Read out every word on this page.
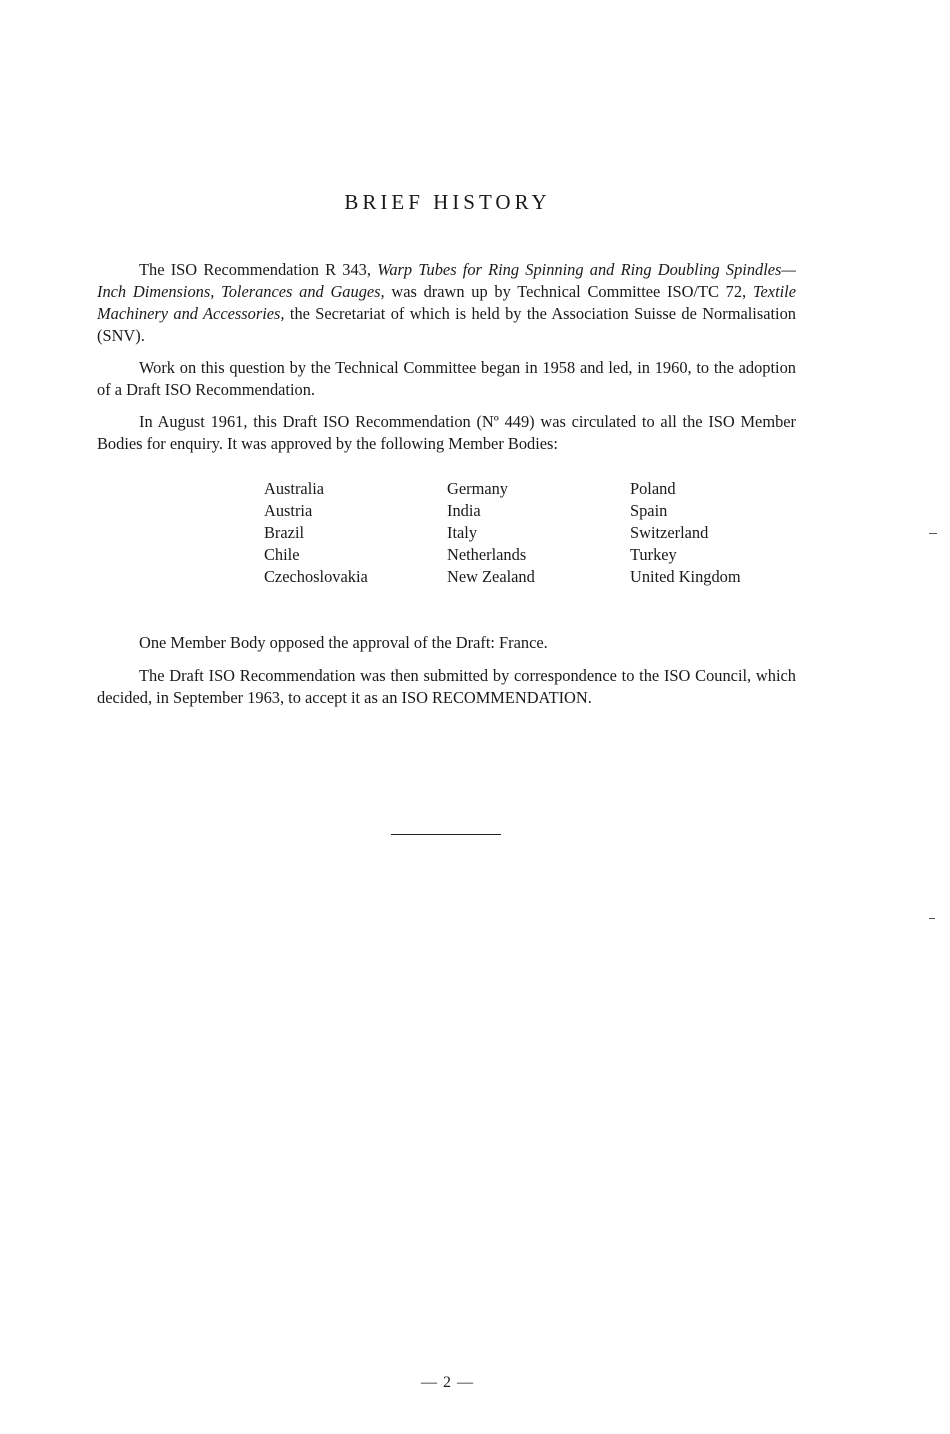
BRIEF HISTORY

The ISO Recommendation R 343, Warp Tubes for Ring Spinning and Ring Doubling Spindles—Inch Dimensions, Tolerances and Gauges, was drawn up by Technical Committee ISO/TC 72, Textile Machinery and Accessories, the Secretariat of which is held by the Association Suisse de Normalisation (SNV).

Work on this question by the Technical Committee began in 1958 and led, in 1960, to the adoption of a Draft ISO Recommendation.

In August 1961, this Draft ISO Recommendation (Nº 449) was circulated to all the ISO Member Bodies for enquiry. It was approved by the following Member Bodies:

Australia
Austria
Brazil
Chile
Czechoslovakia
Germany
India
Italy
Netherlands
New Zealand
Poland
Spain
Switzerland
Turkey
United Kingdom

One Member Body opposed the approval of the Draft: France.

The Draft ISO Recommendation was then submitted by correspondence to the ISO Council, which decided, in September 1963, to accept it as an ISO RECOMMENDATION.

— 2 —
